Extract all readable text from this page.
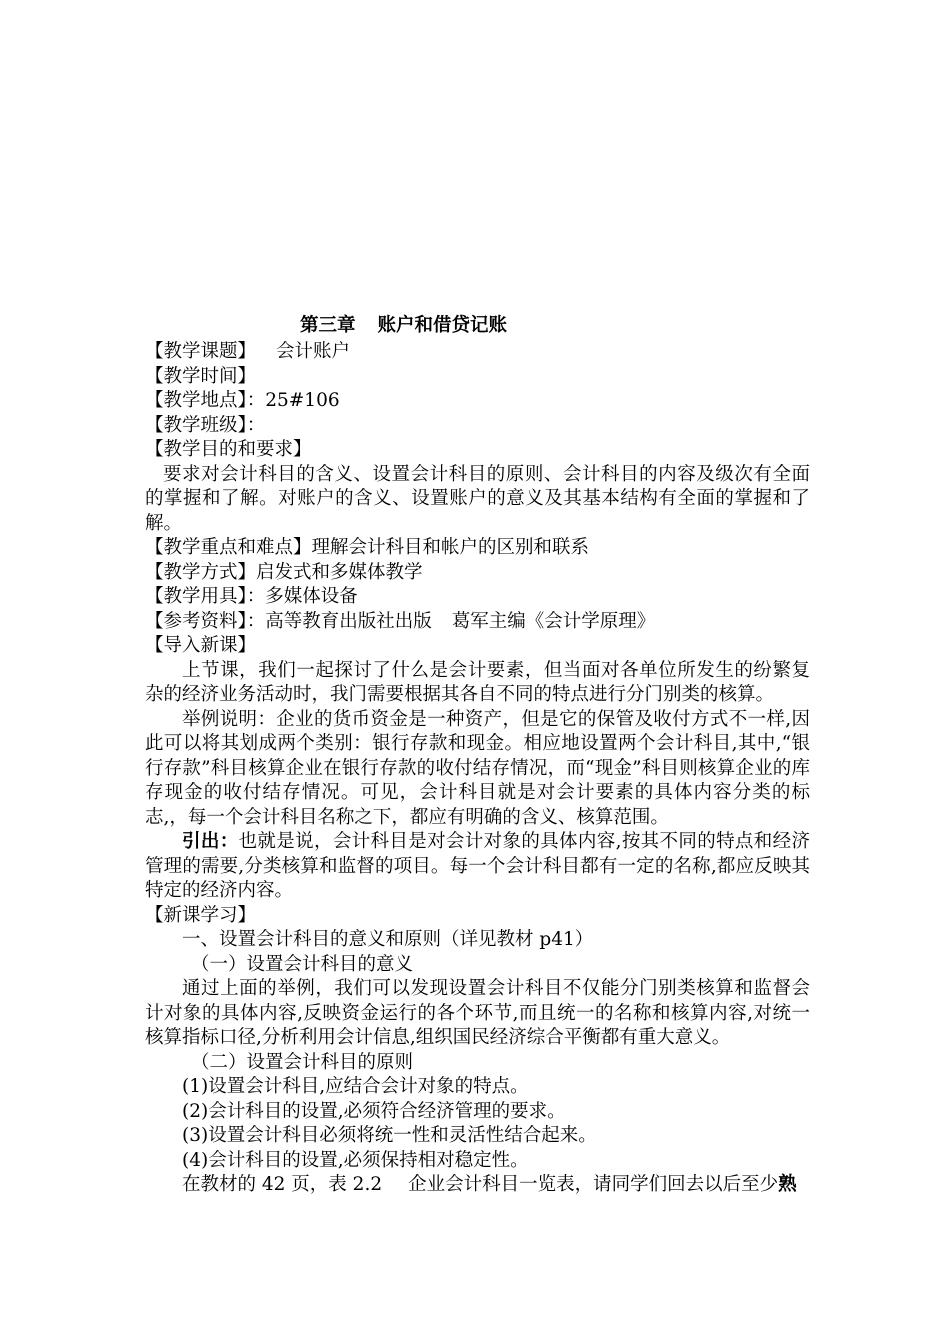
第三章 账户和借贷记账
【教学课题】 会计账户
【教学时间】
【教学地点】：25#106
【教学班级】：
【教学目的和要求】

要求对会计科目的含义、设置会计科目的原则、会计科目的内容及级次有全面的掌握和了解。对账户的含义、设置账户的意义及其基本结构有全面的掌握和了解。

【教学重点和难点】理解会计科目和帐户的区别和联系
【教学方式】启发式和多媒体教学
【教学用具】：多媒体设备
【参考资料】：高等教育出版社出版 葛军主编《会计学原理》
【导入新课】

上节课，我们一起探讨了什么是会计要素，但当面对各单位所发生的纷繁复杂的经济业务活动时，我门需要根据其各自不同的特点进行分门别类的核算。

举例说明：企业的货币资金是一种资产，但是它的保管及收付方式不一样,因此可以将其划成两个类别：银行存款和现金。相应地设置两个会计科目,其中,“银行存款”科目核算企业在银行存款的收付结存情况，而“现金”科目则核算企业的库存现金的收付结存情况。可见，会计科目就是对会计要素的具体内容分类的标志,，每一个会计科目名称之下，都应有明确的含义、核算范围。

引出：也就是说，会计科目是对会计对象的具体内容,按其不同的特点和经济管理的需要,分类核算和监督的项目。每一个会计科目都有一定的名称,都应反映其特定的经济内容。

【新课学习】
一、设置会计科目的意义和原则（详见教材 p41）
（一）设置会计科目的意义

通过上面的举例，我们可以发现设置会计科目不仅能分门别类核算和监督会计对象的具体内容,反映资金运行的各个环节,而且统一的名称和核算内容,对统一核算指标口径,分析利用会计信息,组织国民经济综合平衡都有重大意义。

（二）设置会计科目的原则
(1)设置会计科目,应结合会计对象的特点。
(2)会计科目的设置,必须符合经济管理的要求。
(3)设置会计科目必须将统一性和灵活性结合起来。
(4)会计科目的设置,必须保持相对稳定性。
在教材的 42 页，表 2.2 企业会计科目一览表，请同学们回去以后至少熟
